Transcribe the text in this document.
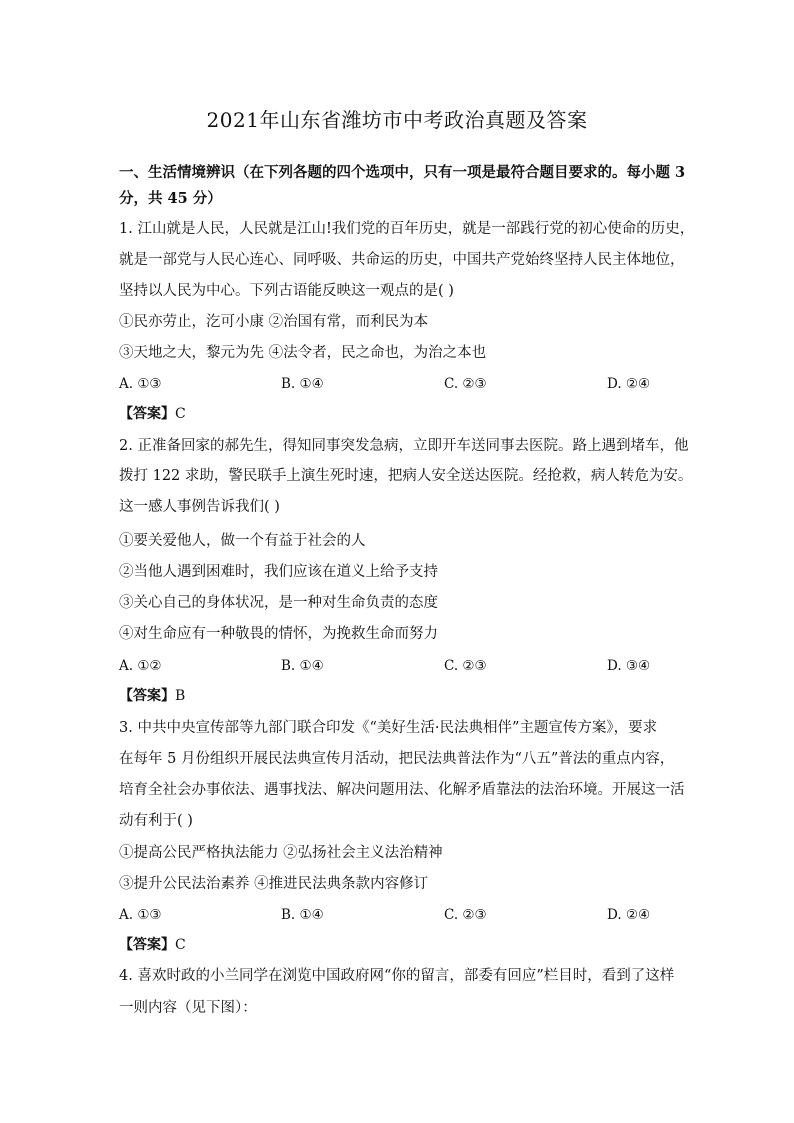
2021年山东省潍坊市中考政治真题及答案
一、生活情境辨识（在下列各题的四个选项中，只有一项是最符合题目要求的。每小题 3
分，共 45 分）
1. 江山就是人民，人民就是江山!我们党的百年历史，就是一部践行党的初心使命的历史，
就是一部党与人民心连心、同呼吸、共命运的历史，中国共产党始终坚持人民主体地位，
坚持以人民为中心。下列古语能反映这一观点的是( )
①民亦劳止，汔可小康 ②治国有常，而利民为本
③天地之大，黎元为先 ④法令者，民之命也，为治之本也
A. ①③	B. ①④	C. ②③	D. ②④
【答案】C
2. 正准备回家的郝先生，得知同事突发急病，立即开车送同事去医院。路上遇到堵车，他
拨打 122 求助，警民联手上演生死时速，把病人安全送达医院。经抢救，病人转危为安。
这一感人事例告诉我们( )
①要关爱他人，做一个有益于社会的人
②当他人遇到困难时，我们应该在道义上给予支持
③关心自己的身体状况，是一种对生命负责的态度
④对生命应有一种敬畏的情怀，为挽救生命而努力
A. ①②	B. ①④	C. ②③	D. ③④
【答案】B
3. 中共中央宣传部等九部门联合印发《“美好生活·民法典相伴”主题宣传方案》，要求
在每年 5 月份组织开展民法典宣传月活动，把民法典普法作为“八五”普法的重点内容，
培育全社会办事依法、遇事找法、解决问题用法、化解矛盾靠法的法治环境。开展这一活
动有利于( )
①提高公民严格执法能力 ②弘扬社会主义法治精神
③提升公民法治素养 ④推进民法典条款内容修订
A. ①③	B. ①④	C. ②③	D. ②④
【答案】C
4. 喜欢时政的小兰同学在浏览中国政府网“你的留言，部委有回应”栏目时，看到了这样
一则内容（见下图）：
